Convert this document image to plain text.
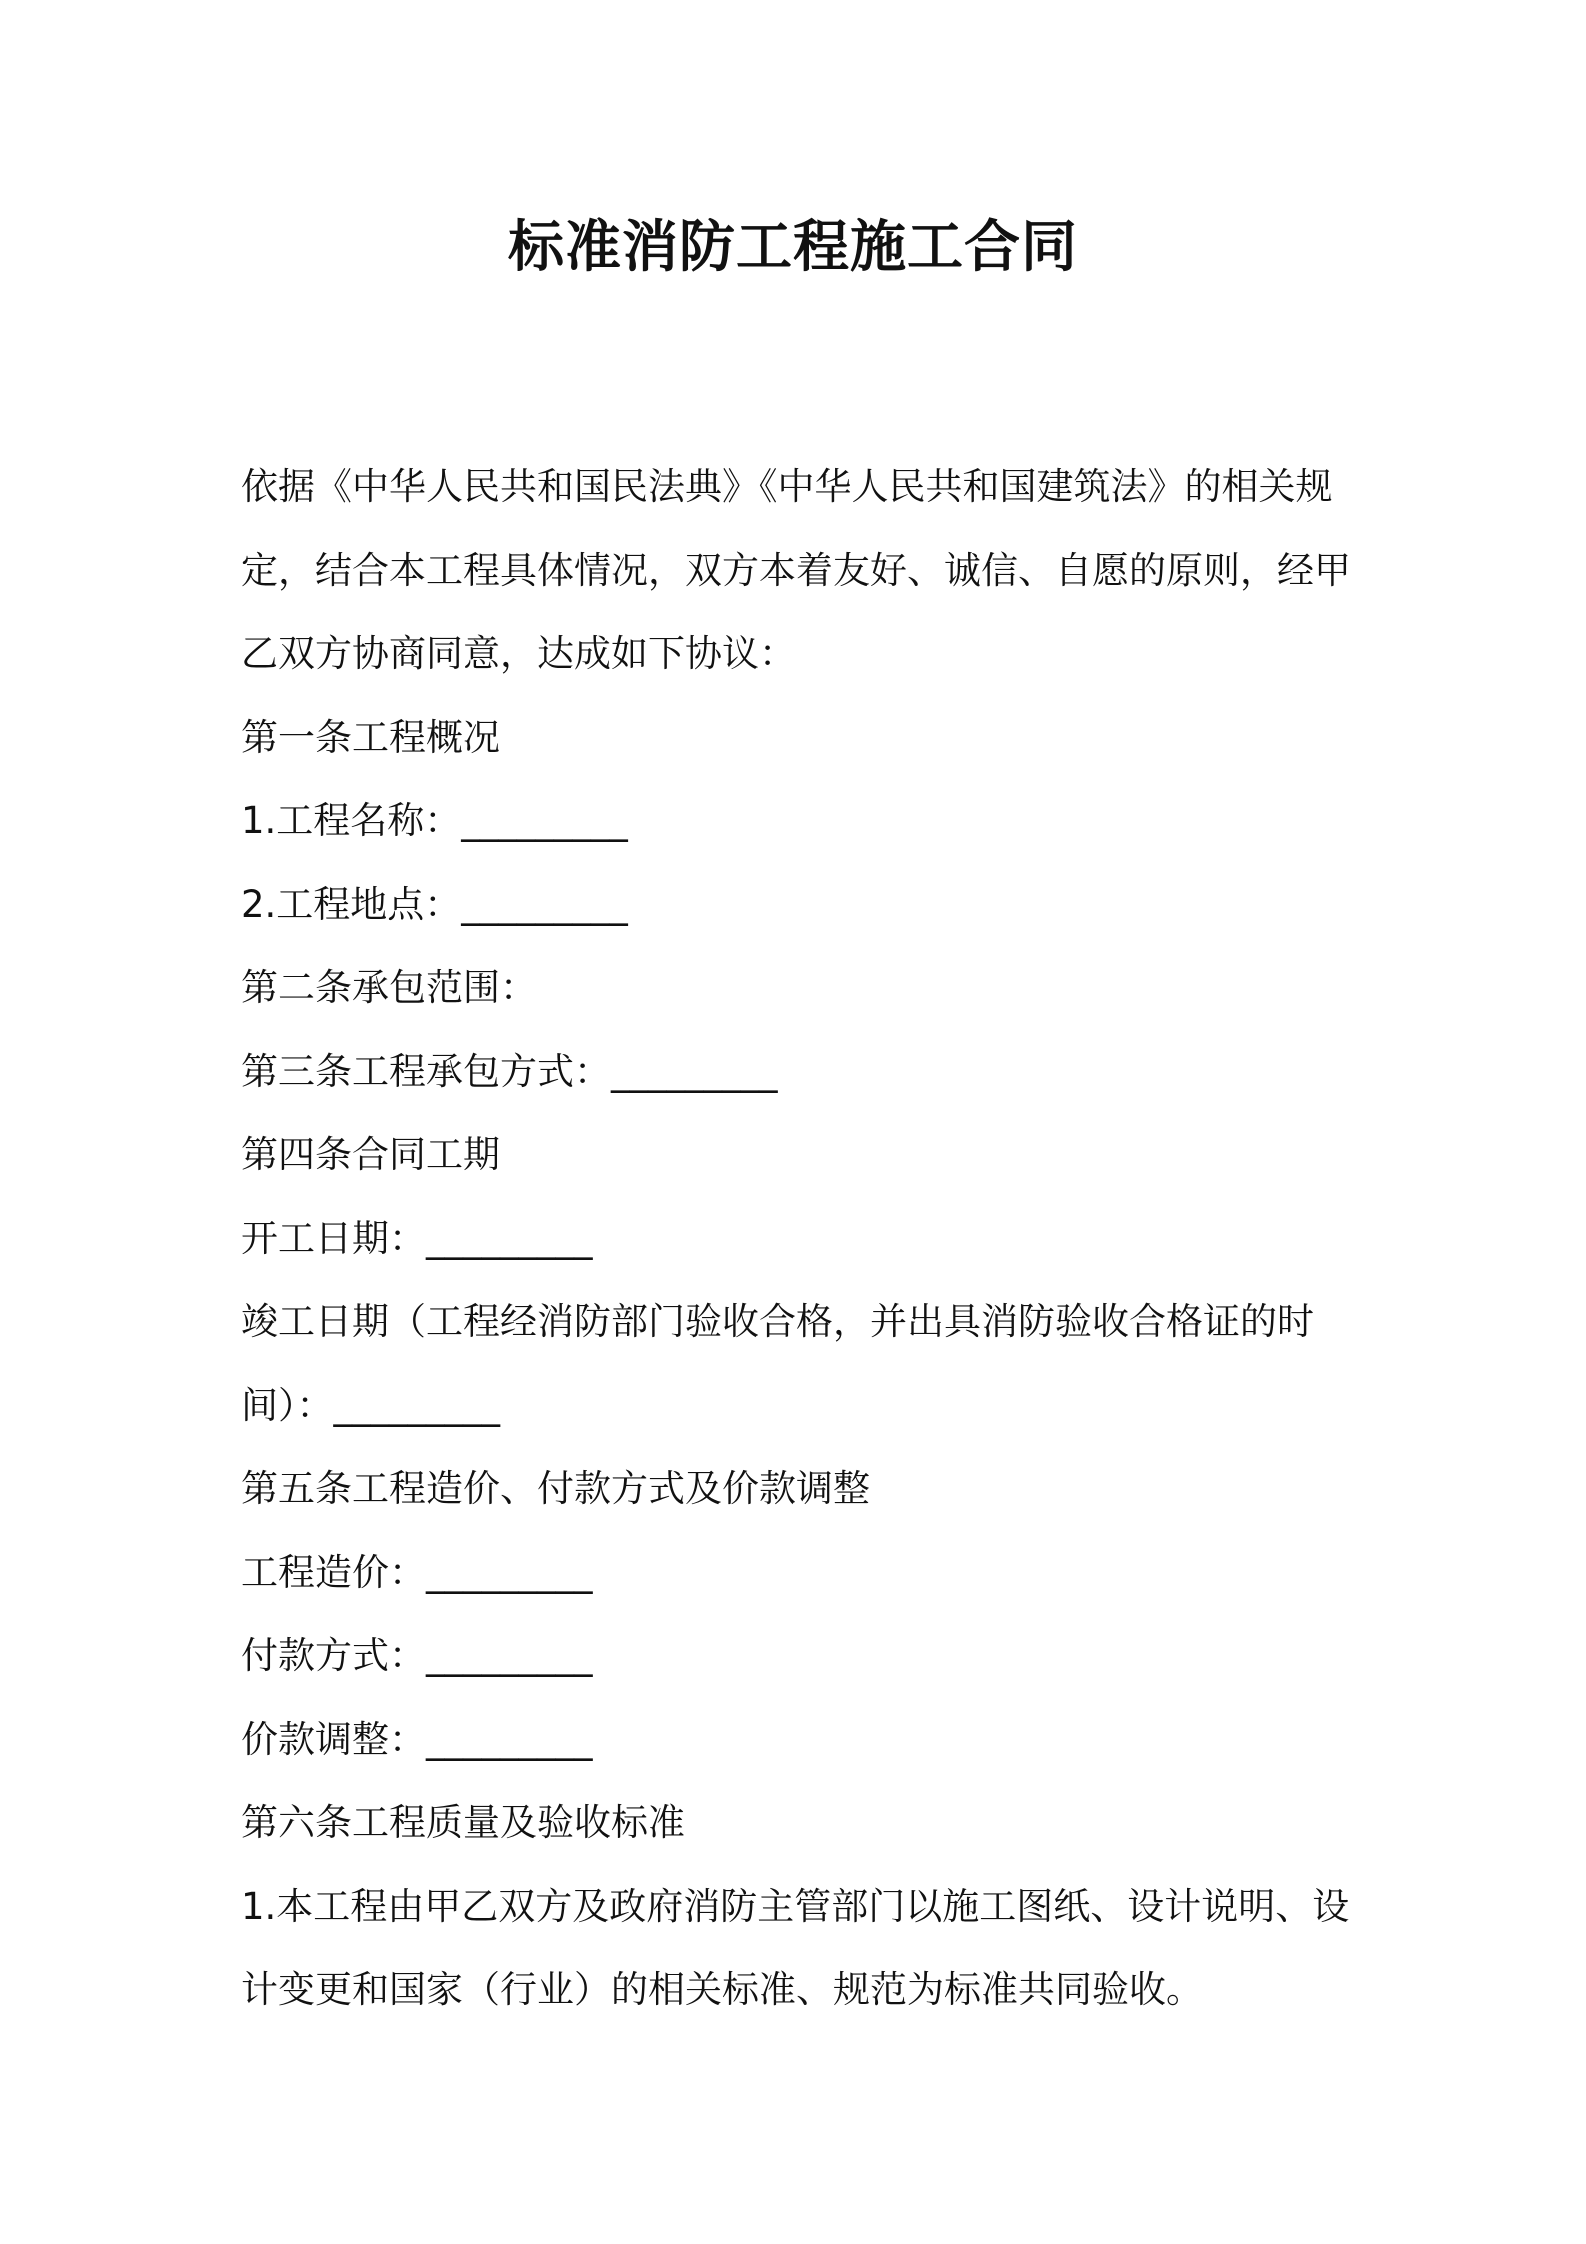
标准消防工程施工合同

依据《中华人民共和国民法典》《中华人民共和国建筑法》的相关规

定，结合本工程具体情况，双方本着友好、诚信、自愿的原则，经甲

乙双方协商同意，达成如下协议：

第一条工程概况

1.工程名称：_________

2.工程地点：_________

第二条承包范围：

第三条工程承包方式：_________

第四条合同工期

开工日期：_________

竣工日期（工程经消防部门验收合格，并出具消防验收合格证的时

间）：_________

第五条工程造价、付款方式及价款调整

工程造价：_________

付款方式：_________

价款调整：_________

第六条工程质量及验收标准

1.本工程由甲乙双方及政府消防主管部门以施工图纸、设计说明、设

计变更和国家（行业）的相关标准、规范为标准共同验收。
